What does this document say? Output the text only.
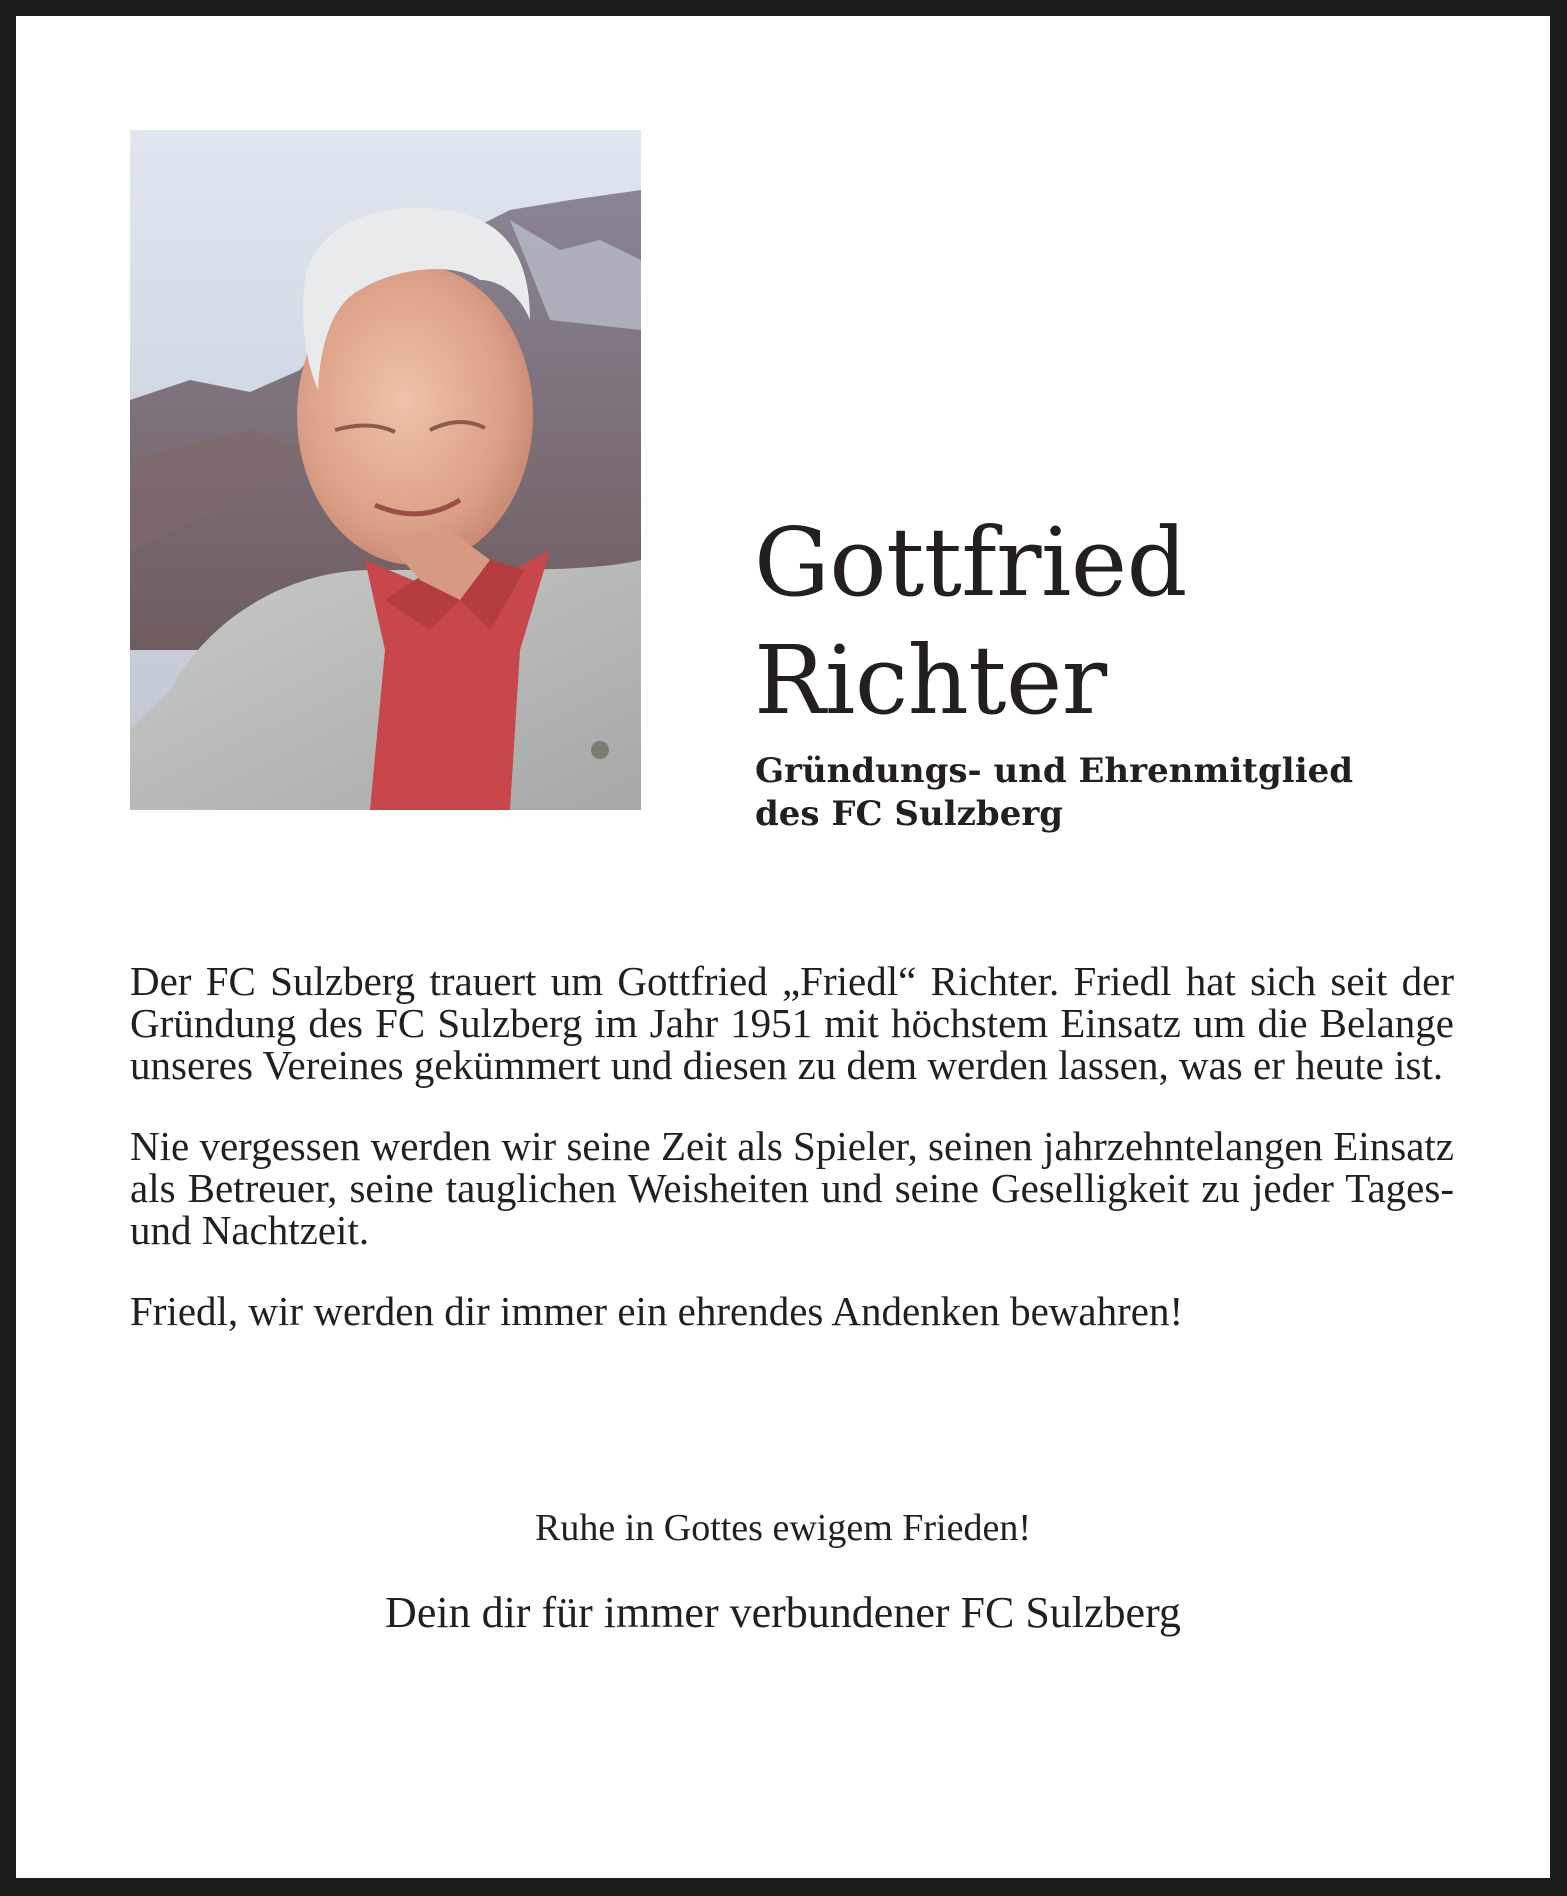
Gottfried
Richter
Gründungs- und Ehrenmitglied
des FC Sulzberg

Der FC Sulzberg trauert um Gottfried „Friedl“ Richter. Friedl hat sich seit der Gründung des FC Sulzberg im Jahr 1951 mit höchstem Einsatz um die Belange unseres Vereines gekümmert und diesen zu dem werden lassen, was er heute ist.

Nie vergessen werden wir seine Zeit als Spieler, seinen jahrzehntelangen Einsatz als Betreuer, seine tauglichen Weisheiten und seine Geselligkeit zu jeder Tages- und Nachtzeit.

Friedl, wir werden dir immer ein ehrendes Andenken bewahren!

Ruhe in Gottes ewigem Frieden!
Dein dir für immer verbundener FC Sulzberg
